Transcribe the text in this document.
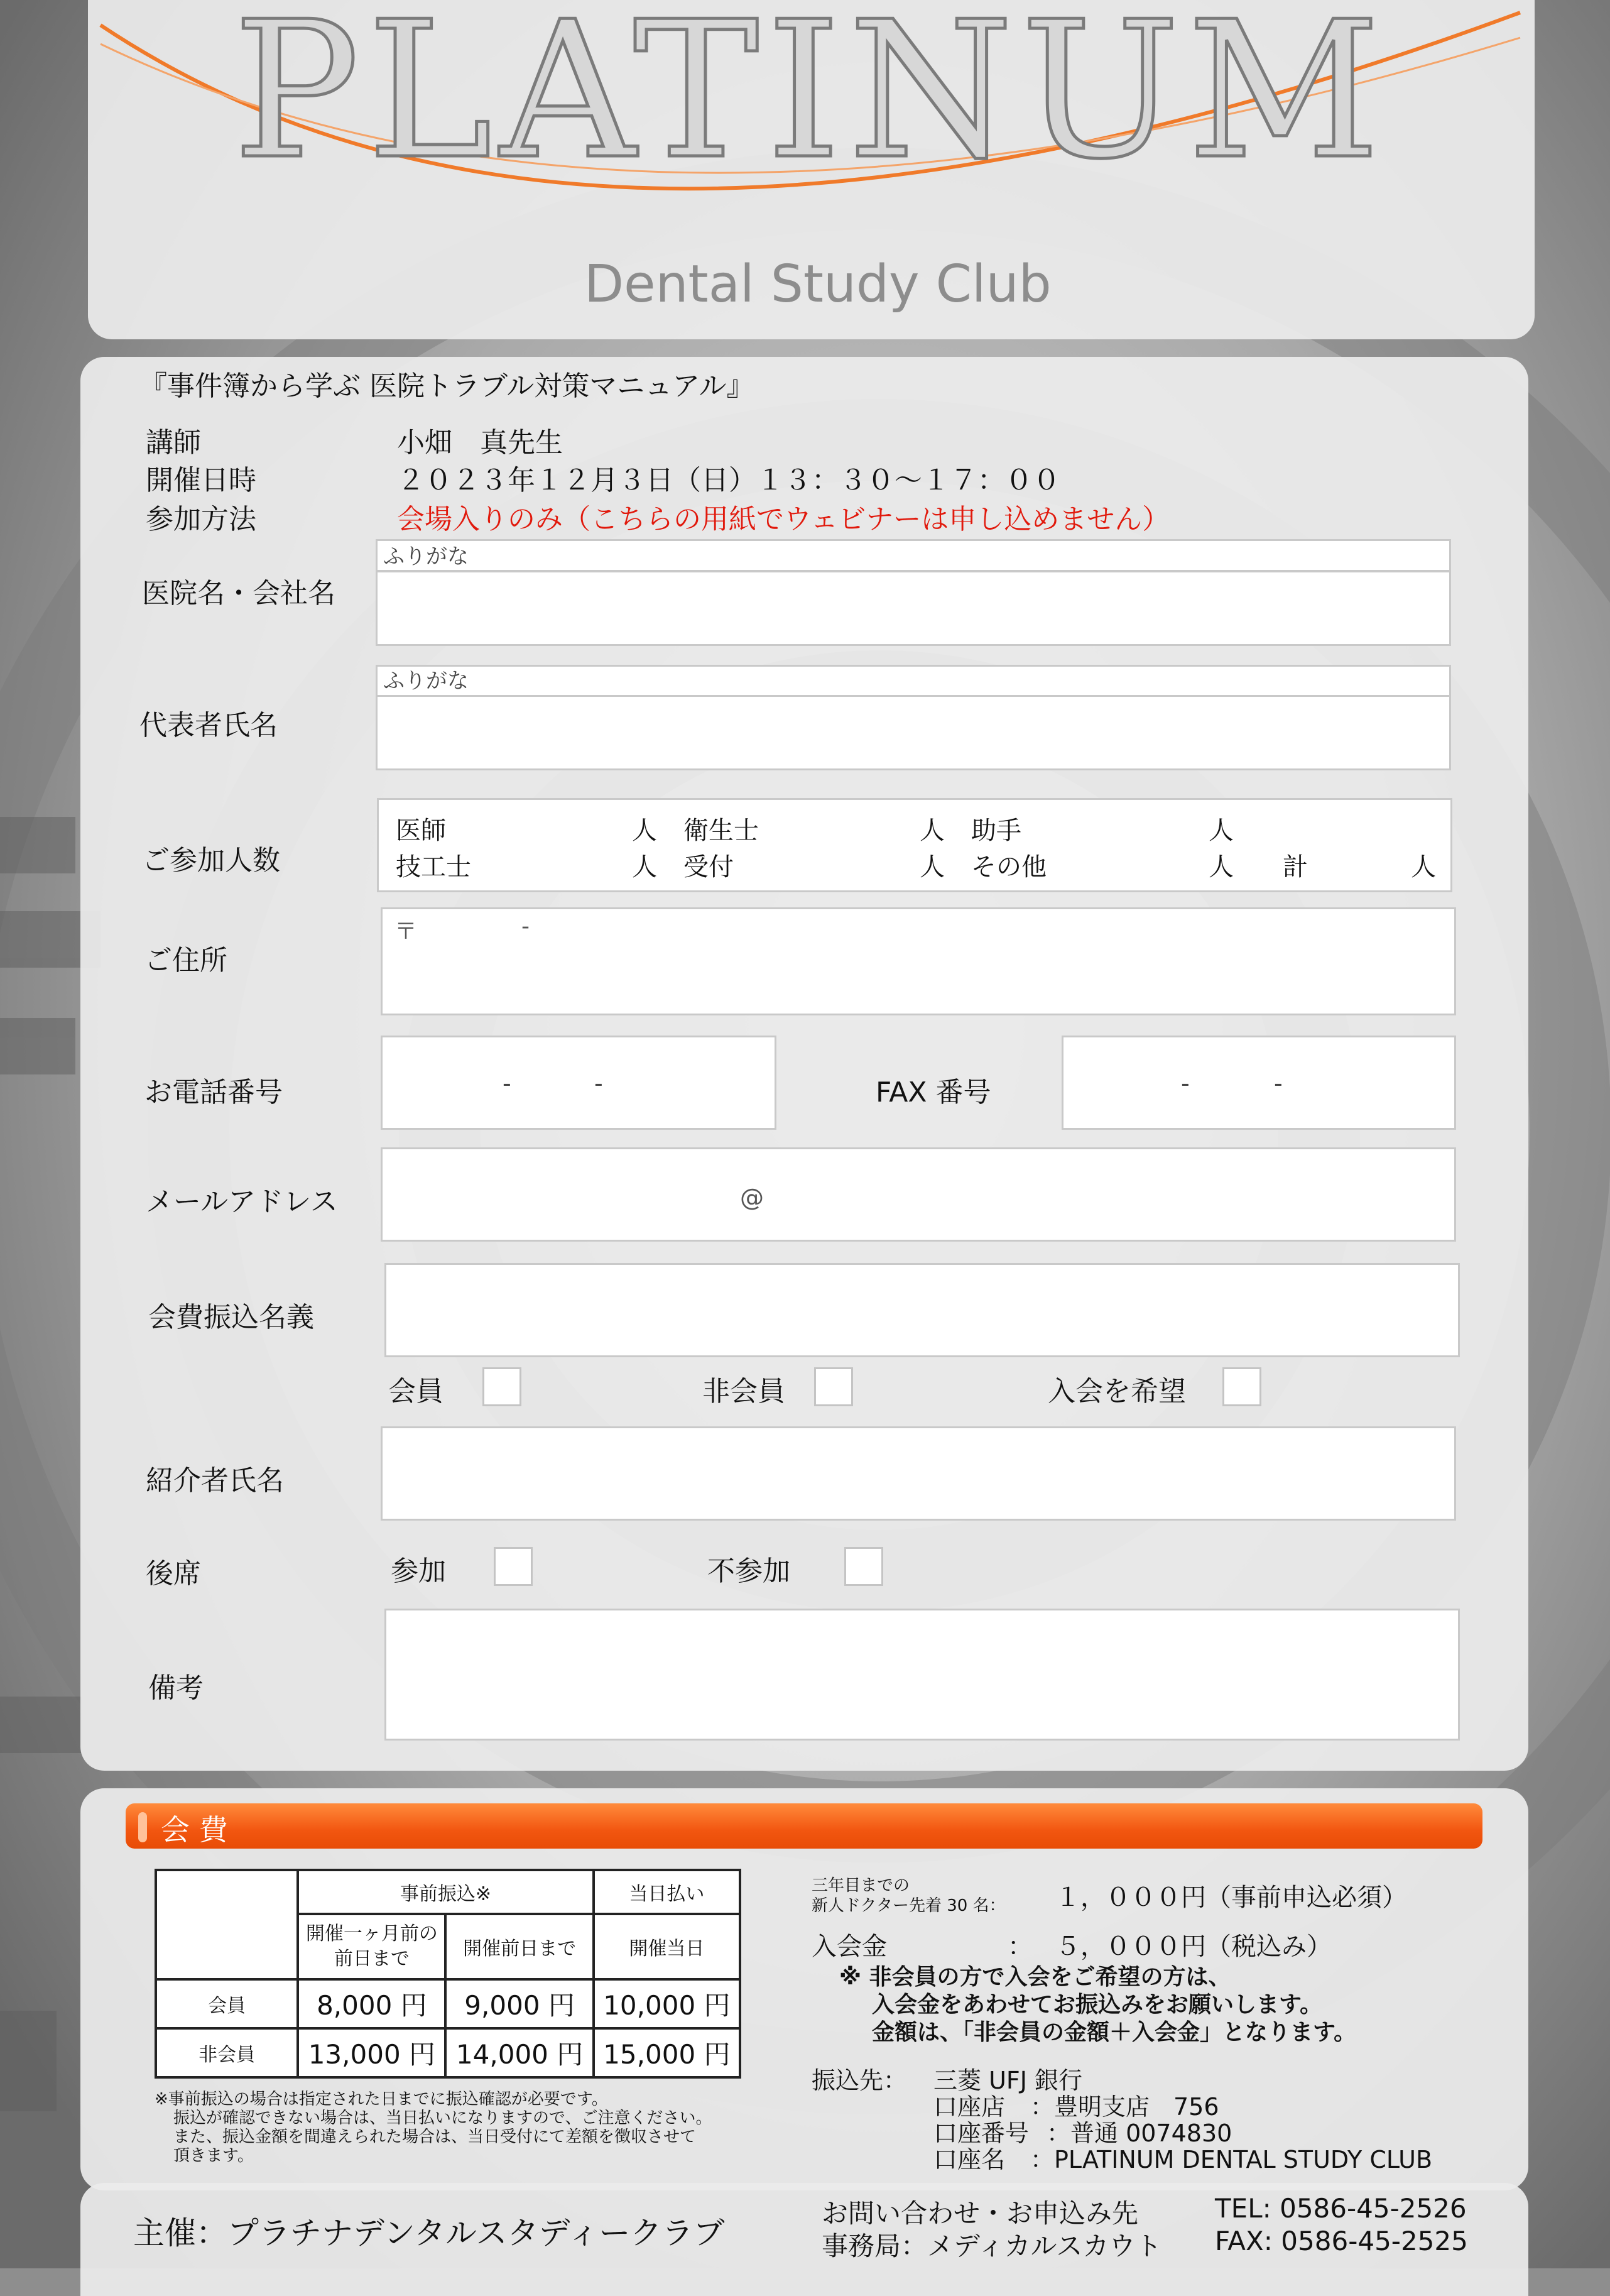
PLATINUM
Dental Study Club
『事件簿から学ぶ 医院トラブル対策マニュアル』
講師	小畑　真先生
開催日時	２０２３年１２月３日（日）１３：３０～１７：００
参加方法	会場入りのみ（こちらの用紙でウェビナーは申し込めません）
医院名・会社名
ふりがな
代表者氏名
ふりがな
ご参加人数
医師	人 衛生士	人 助手	人
技工士	人 受付	人 その他	人 計	人
ご住所
〒	-
お電話番号	-	-	FAX 番号	-	-
メールアドレス	@
会費振込名義
会員	非会員	入会を希望
紹介者氏名
後席	参加	不参加
備考
会 費
	事前振込※		当日払い
	開催一ヶ月前の前日まで	開催前日まで	開催当日
会員	8,000 円	9,000 円	10,000 円
非会員	13,000 円	14,000 円	15,000 円
※事前振込の場合は指定された日までに振込確認が必要です。
振込が確認できない場合は、当日払いになりますので、ご注意ください。
また、振込金額を間違えられた場合は、当日受付にて差額を徴収させて
頂きます。
三年目までの
新人ドクター先着 30 名： １，０００円（事前申込必須）
入会金	： ５，０００円（税込み）
※ 非会員の方で入会をご希望の方は、
入会金をあわせてお振込みをお願いします。
金額は、「非会員の金額＋入会金」となります。
振込先： 三菱 UFJ 銀行
口座店 ：豊明支店　756
口座番号 ：普通 0074830
口座名 ：PLATINUM DENTAL STUDY CLUB
主催：プラチナデンタルスタディークラブ
お問い合わせ・お申込み先
事務局：メディカルスカウト
TEL: 0586-45-2526
FAX: 0586-45-2525
